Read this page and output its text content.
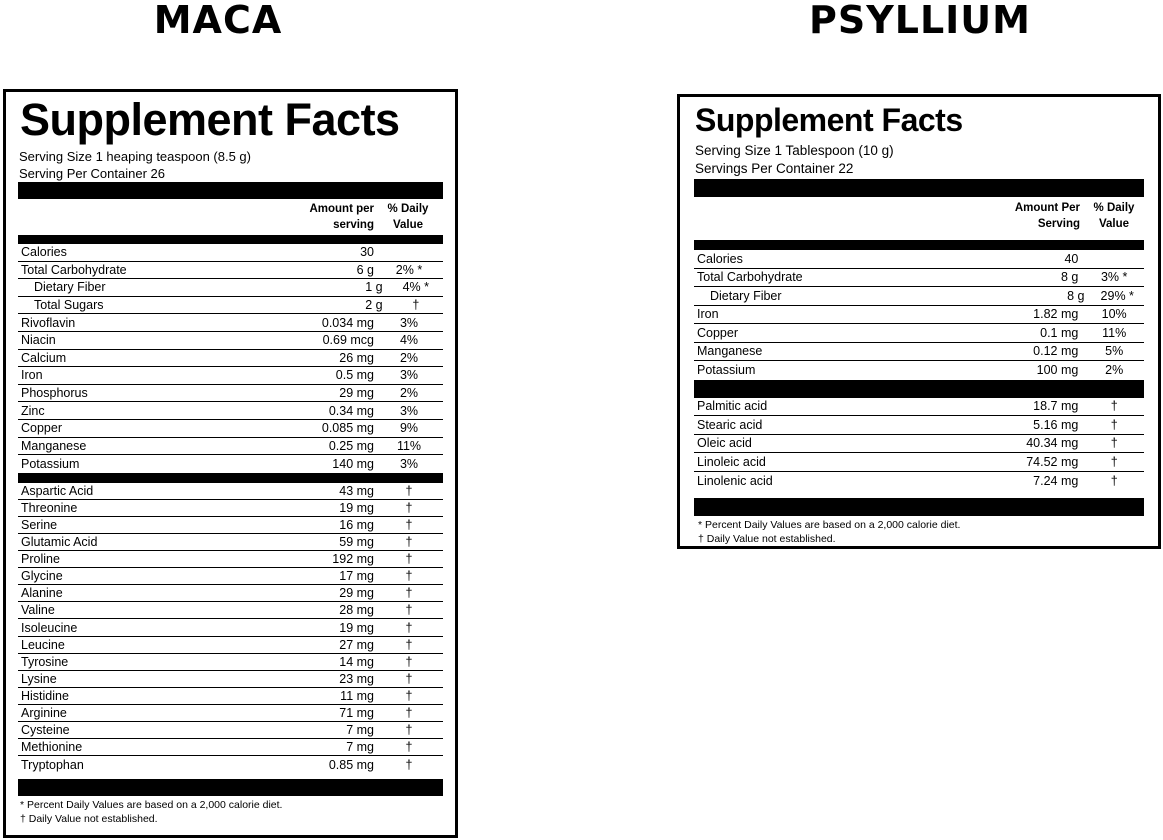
MACA
Supplement Facts
Serving Size 1 heaping teaspoon (8.5 g)
Serving Per Container 26
Amount per
serving
% Daily
Value
Calories	30
Total Carbohydrate	6 g	2% *
Dietary Fiber	1 g	4% *
Total Sugars	2 g	†
Rivoflavin	0.034 mg	3%
Niacin	0.69 mcg	4%
Calcium	26 mg	2%
Iron	0.5 mg	3%
Phosphorus	29 mg	2%
Zinc	0.34 mg	3%
Copper	0.085 mg	9%
Manganese	0.25 mg	11%
Potassium	140 mg	3%
Aspartic Acid	43 mg	†
Threonine	19 mg	†
Serine	16 mg	†
Glutamic Acid	59 mg	†
Proline	192 mg	†
Glycine	17 mg	†
Alanine	29 mg	†
Valine	28 mg	†
Isoleucine	19 mg	†
Leucine	27 mg	†
Tyrosine	14 mg	†
Lysine	23 mg	†
Histidine	11 mg	†
Arginine	71 mg	†
Cysteine	7 mg	†
Methionine	7 mg	†
Tryptophan	0.85 mg	†
* Percent Daily Values are based on a 2,000 calorie diet.
† Daily Value not established.
PSYLLIUM
Supplement Facts
Serving Size 1 Tablespoon (10 g)
Servings Per Container 22
Amount Per
Serving
% Daily
Value
Calories	40
Total Carbohydrate	8 g	3% *
Dietary Fiber	8 g	29% *
Iron	1.82 mg	10%
Copper	0.1 mg	11%
Manganese	0.12 mg	5%
Potassium	100 mg	2%
Palmitic acid	18.7 mg	†
Stearic acid	5.16 mg	†
Oleic acid	40.34 mg	†
Linoleic acid	74.52 mg	†
Linolenic acid	7.24 mg	†
* Percent Daily Values are based on a 2,000 calorie diet.
† Daily Value not established.
